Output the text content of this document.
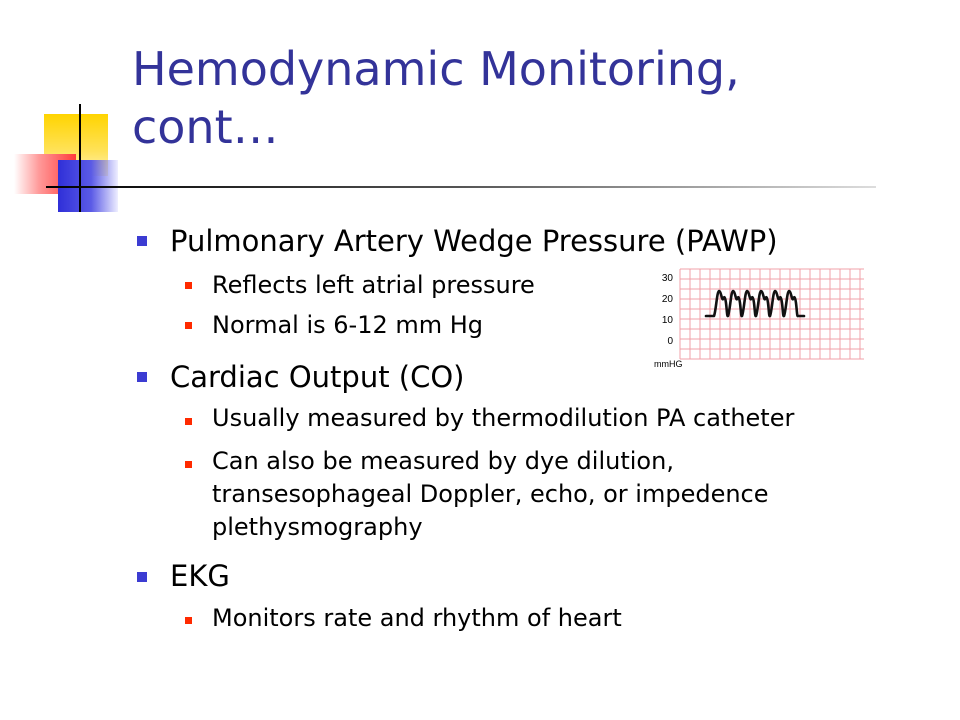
Hemodynamic Monitoring,
cont…

Pulmonary Artery Wedge Pressure (PAWP)

Reflects left atrial pressure

Normal is 6-12 mm Hg

Cardiac Output (CO)

Usually measured by thermodilution PA catheter

Can also be measured by dye dilution,

transesophageal Doppler, echo, or impedence

plethysmography

EKG

Monitors rate and rhythm of heart

30
20
10
0
mmHG
